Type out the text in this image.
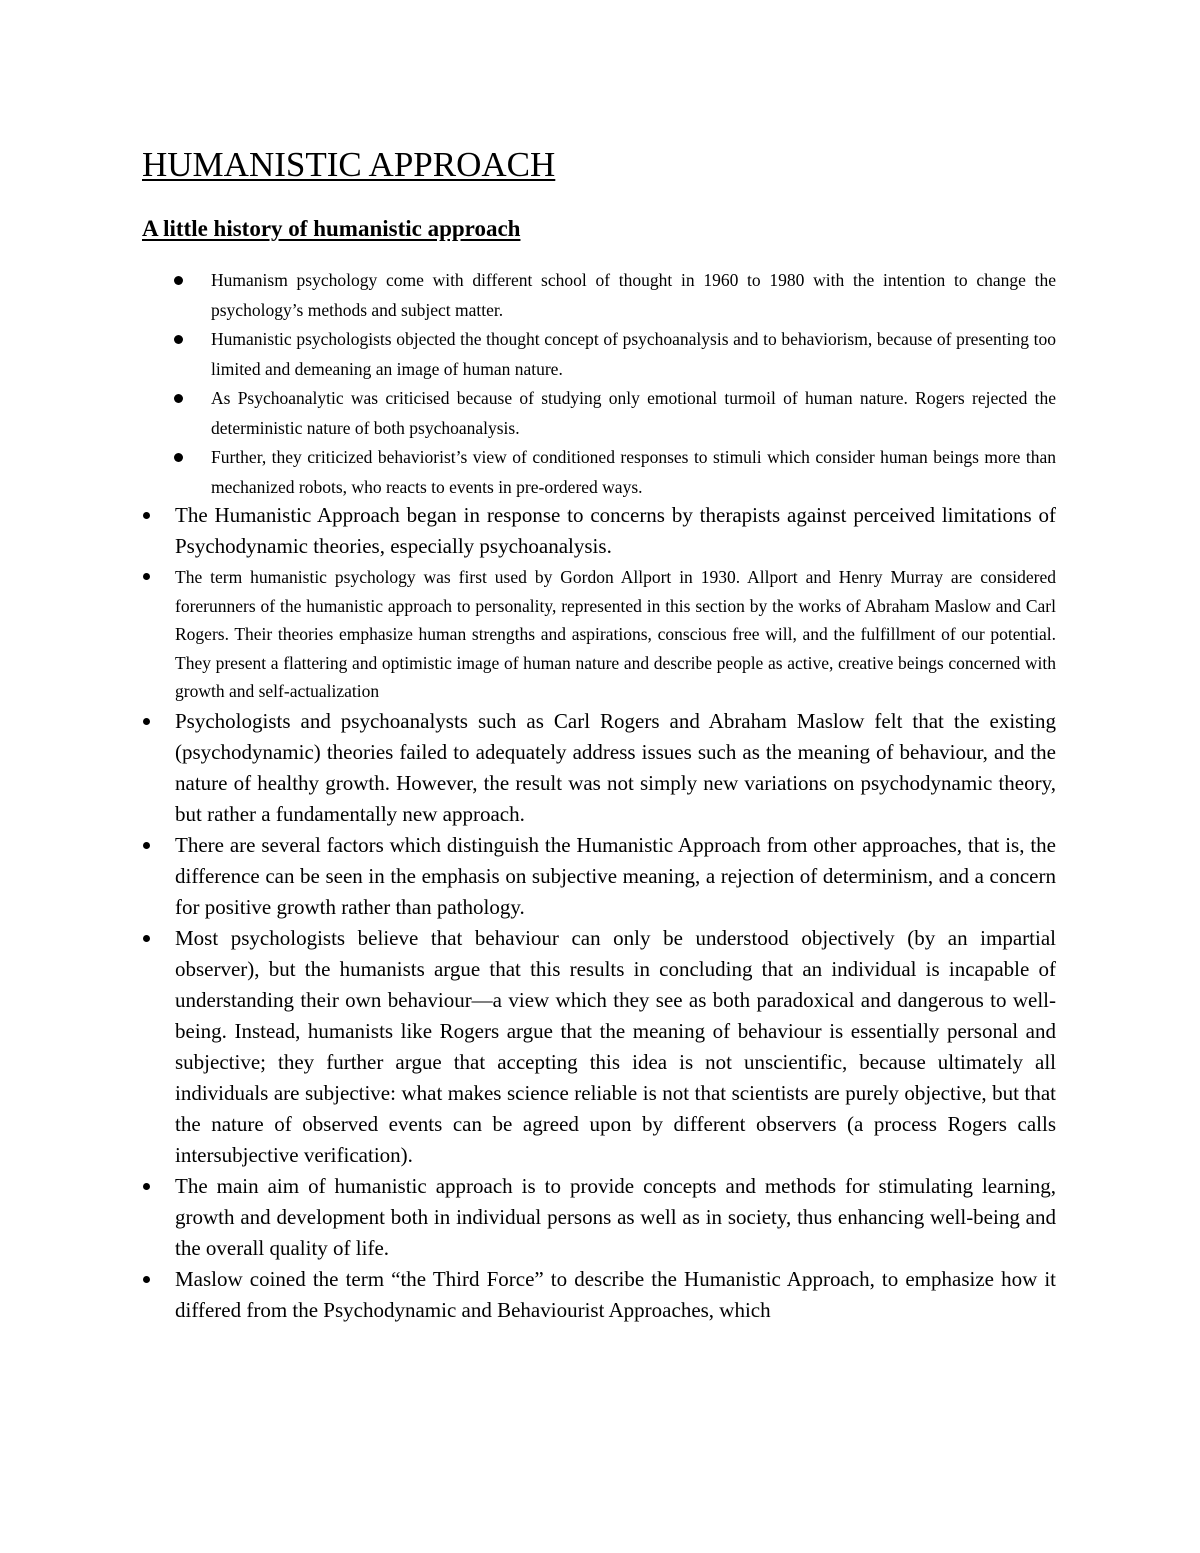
HUMANISTIC APPROACH
A little history of humanistic approach
Humanism psychology come with different school of thought in 1960 to 1980 with the intention to change the psychology’s methods and subject matter.
Humanistic psychologists objected the thought concept of psychoanalysis and to behaviorism, because of presenting too limited and demeaning an image of human nature.
As Psychoanalytic was criticised because of studying only emotional turmoil of human nature. Rogers rejected the deterministic nature of both psychoanalysis.
Further, they criticized behaviorist’s view of conditioned responses to stimuli which consider human beings more than mechanized robots, who reacts to events in pre-ordered ways.
The Humanistic Approach began in response to concerns by therapists against perceived limitations of Psychodynamic theories, especially psychoanalysis.
The term humanistic psychology was first used by Gordon Allport in 1930. Allport and Henry Murray are considered forerunners of the humanistic approach to personality, represented in this section by the works of Abraham Maslow and Carl Rogers. Their theories emphasize human strengths and aspirations, conscious free will, and the fulfillment of our potential. They present a flattering and optimistic image of human nature and describe people as active, creative beings concerned with growth and self-actualization
Psychologists and psychoanalysts such as Carl Rogers and Abraham Maslow felt that the existing (psychodynamic) theories failed to adequately address issues such as the meaning of behaviour, and the nature of healthy growth. However, the result was not simply new variations on psychodynamic theory, but rather a fundamentally new approach.
There are several factors which distinguish the Humanistic Approach from other approaches, that is, the difference can be seen in the emphasis on subjective meaning, a rejection of determinism, and a concern for positive growth rather than pathology.
Most psychologists believe that behaviour can only be understood objectively (by an impartial observer), but the humanists argue that this results in concluding that an individual is incapable of understanding their own behaviour—a view which they see as both paradoxical and dangerous to well-being. Instead, humanists like Rogers argue that the meaning of behaviour is essentially personal and subjective; they further argue that accepting this idea is not unscientific, because ultimately all individuals are subjective: what makes science reliable is not that scientists are purely objective, but that the nature of observed events can be agreed upon by different observers (a process Rogers calls intersubjective verification).
The main aim of humanistic approach is to provide concepts and methods for stimulating learning, growth and development both in individual persons as well as in society, thus enhancing well-being and the overall quality of life.
Maslow coined the term “the Third Force” to describe the Humanistic Approach, to emphasize how it differed from the Psychodynamic and Behaviourist Approaches, which
